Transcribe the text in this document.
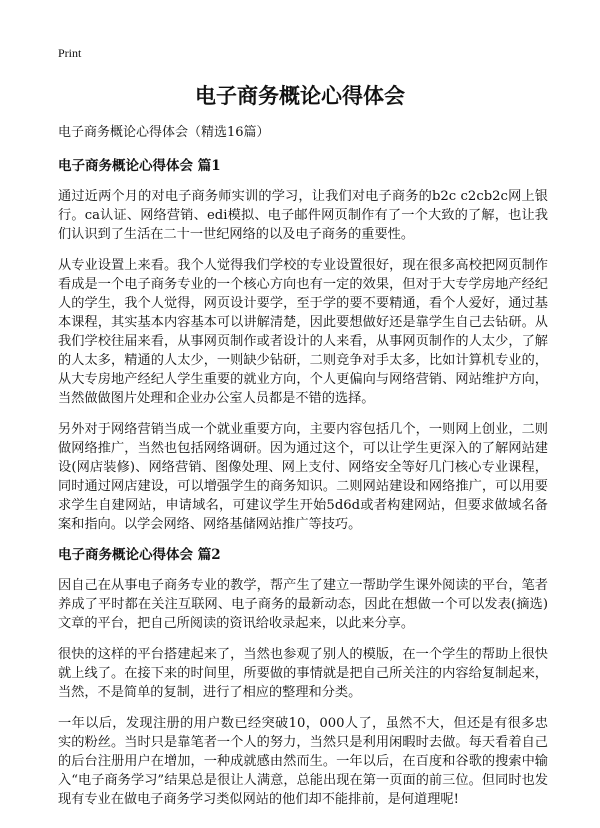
Print
电子商务概论心得体会

电子商务概论心得体会（精选16篇）

电子商务概论心得体会 篇1

通过近两个月的对电子商务师实训的学习，让我们对电子商务的b2c c2cb2c网上银行。ca认证、网络营销、edi模拟、电子邮件网页制作有了一个大致的了解，也让我们认识到了生活在二十一世纪网络的以及电子商务的重要性。

从专业设置上来看。我个人觉得我们学校的专业设置很好，现在很多高校把网页制作看成是一个电子商务专业的一个核心方向也有一定的效果，但对于大专学房地产经纪人的学生，我个人觉得，网页设计要学，至于学的要不要精通，看个人爱好，通过基本课程，其实基本内容基本可以讲解清楚，因此要想做好还是靠学生自己去钻研。从我们学校往届来看，从事网页制作或者设计的人来看，从事网页制作的人太少，了解的人太多，精通的人太少，一则缺少钻研，二则竞争对手太多，比如计算机专业的，从大专房地产经纪人学生重要的就业方向，个人更偏向与网络营销、网站维护方向，当然做做图片处理和企业办公室人员都是不错的选择。

另外对于网络营销当成一个就业重要方向，主要内容包括几个，一则网上创业，二则做网络推广，当然也包括网络调研。因为通过这个，可以让学生更深入的了解网站建设(网店装修)、网络营销、图像处理、网上支付、网络安全等好几门核心专业课程，同时通过网店建设，可以增强学生的商务知识。二则网站建设和网络推广，可以用要求学生自建网站，申请域名，可建议学生开始5d6d或者构建网站，但要求做域名备案和指向。以学会网络、网络基储网站推广等技巧。

电子商务概论心得体会 篇2

因自己在从事电子商务专业的教学，帮产生了建立一帮助学生课外阅读的平台，笔者养成了平时都在关注互联网、电子商务的最新动态，因此在想做一个可以发表(摘选)文章的平台，把自己所阅读的资讯给收录起来，以此来分享。

很快的这样的平台搭建起来了，当然也参观了别人的模版，在一个学生的帮助上很快就上线了。在接下来的时间里，所要做的事情就是把自己所关注的内容给复制起来，当然，不是简单的复制，进行了相应的整理和分类。

一年以后，发现注册的用户数已经突破10，000人了，虽然不大，但还是有很多忠实的粉丝。当时只是靠笔者一个人的努力，当然只是利用闲暇时去做。每天看着自己的后台注册用户在增加，一种成就感由然而生。一年以后，在百度和谷歌的搜索中输入“电子商务学习”结果总是很让人满意，总能出现在第一页面的前三位。但同时也发现有专业在做电子商务学习类似网站的他们却不能排前，是何道理呢!
